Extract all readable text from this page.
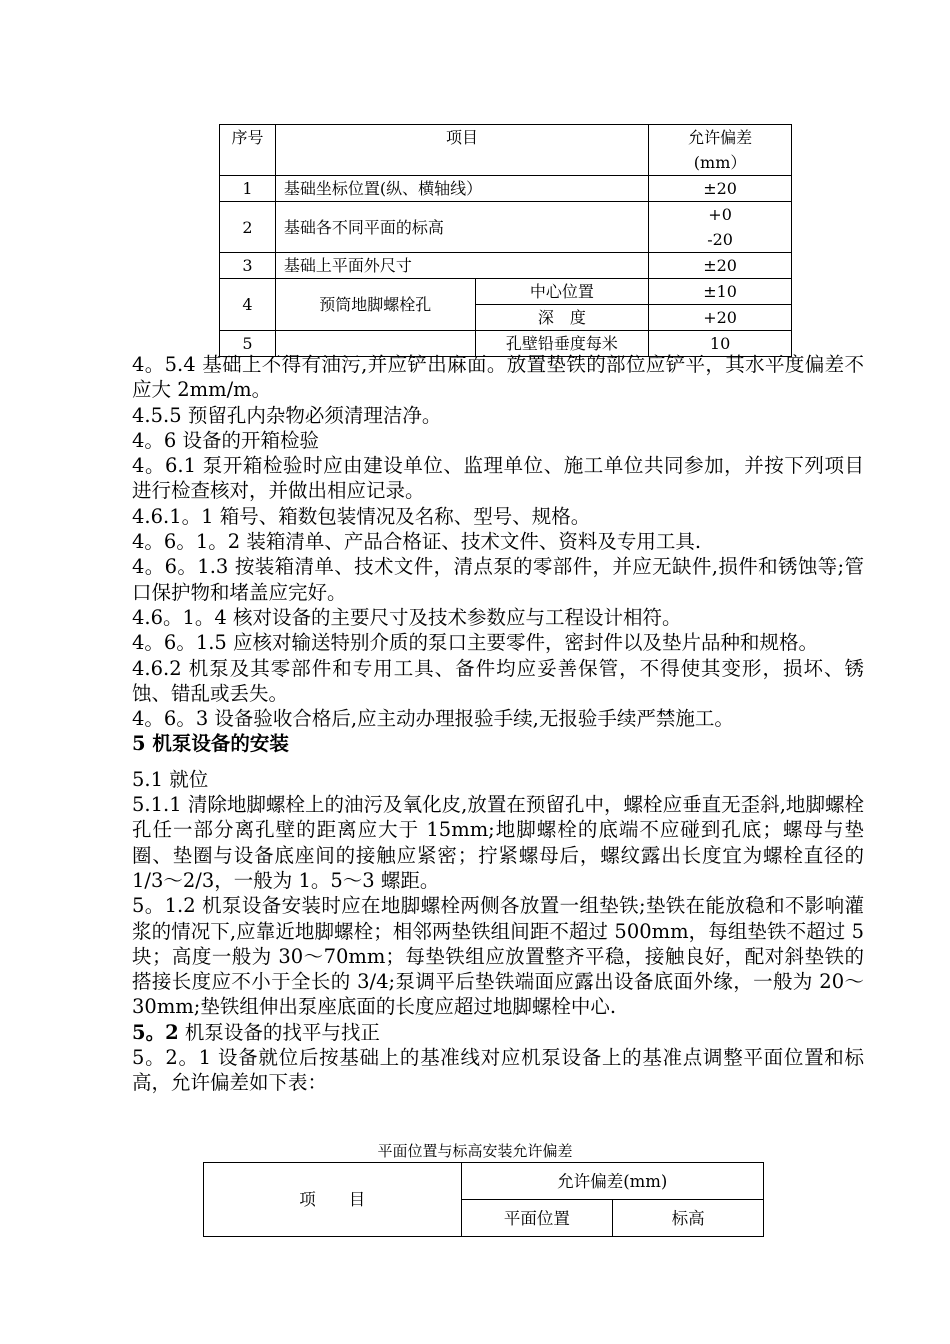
序号	项目		允许偏差
(mm）

1	基础坐标位置(纵、横轴线）		±20
2	基础各不同平面的标高		+0
-20

3	基础上平面外尺寸		±20
4	预筒地脚螺栓孔	中心位置	±10
		深　度	+20
5		孔壁铅垂度每米	10

4。5.4 基础上不得有油污,并应铲出麻面。放置垫铁的部位应铲平，其水平度偏差不应大 2mm/m。

4.5.5 预留孔内杂物必须清理洁净。

4。6 设备的开箱检验

4。6.1 泵开箱检验时应由建设单位、监理单位、施工单位共同参加，并按下列项目进行检查核对，并做出相应记录。

4.6.1。1 箱号、箱数包装情况及名称、型号、规格。

4。6。1。2 装箱清单、产品合格证、技术文件、资料及专用工具.

4。6。1.3 按装箱清单、技术文件，清点泵的零部件，并应无缺件,损件和锈蚀等;管口保护物和堵盖应完好。

4.6。1。4 核对设备的主要尺寸及技术参数应与工程设计相符。

4。6。1.5 应核对输送特别介质的泵口主要零件，密封件以及垫片品种和规格。

4.6.2 机泵及其零部件和专用工具、备件均应妥善保管，不得使其变形，损坏、锈蚀、错乱或丢失。

4。6。3 设备验收合格后,应主动办理报验手续,无报验手续严禁施工。

5 机泵设备的安装

5.1 就位

5.1.1 清除地脚螺栓上的油污及氧化皮,放置在预留孔中，螺栓应垂直无歪斜,地脚螺栓孔任一部分离孔壁的距离应大于 15mm;地脚螺栓的底端不应碰到孔底；螺母与垫圈、垫圈与设备底座间的接触应紧密；拧紧螺母后，螺纹露出长度宜为螺栓直径的 1/3～2/3，一般为 1。5～3 螺距。

5。1.2 机泵设备安装时应在地脚螺栓两侧各放置一组垫铁;垫铁在能放稳和不影响灌浆的情况下,应靠近地脚螺栓；相邻两垫铁组间距不超过 500mm，每组垫铁不超过 5 块；高度一般为 30～70mm；每垫铁组应放置整齐平稳，接触良好，配对斜垫铁的搭接长度应不小于全长的 3/4;泵调平后垫铁端面应露出设备底面外缘，一般为 20～30mm;垫铁组伸出泵座底面的长度应超过地脚螺栓中心.

5。2 机泵设备的找平与找正

5。2。1 设备就位后按基础上的基准线对应机泵设备上的基准点调整平面位置和标高，允许偏差如下表：

平面位置与标高安装允许偏差
项　　目	允许偏差(mm)	
	平面位置	标高
